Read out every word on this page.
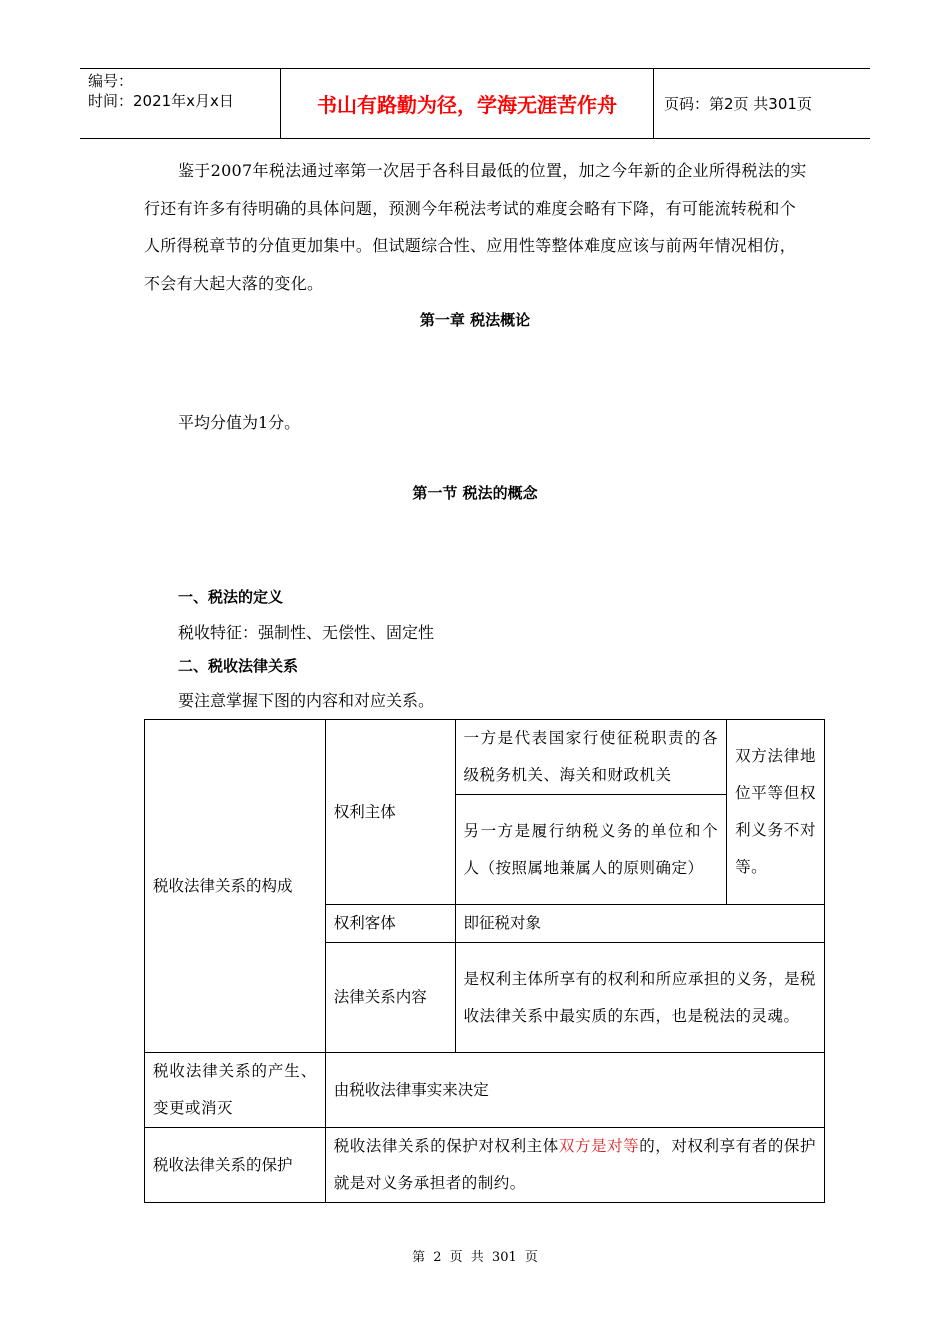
编号：
时间：2021年x月x日	书山有路勤为径，学海无涯苦作舟	页码：第2页 共301页
鉴于2007年税法通过率第一次居于各科目最低的位置，加之今年新的企业所得税法的实行还有许多有待明确的具体问题，预测今年税法考试的难度会略有下降，有可能流转税和个人所得税章节的分值更加集中。但试题综合性、应用性等整体难度应该与前两年情况相仿，不会有大起大落的变化。
第一章 税法概论
平均分值为1分。
第一节 税法的概念
一、税法的定义
税收特征：强制性、无偿性、固定性
二、税收法律关系
要注意掌握下图的内容和对应关系。
税收法律关系的构成	权利主体	一方是代表国家行使征税职责的各级税务机关、海关和财政机关	双方法律地位平等但权利义务不对等。
		另一方是履行纳税义务的单位和个人（按照属地兼属人的原则确定）	
	权利客体	即征税对象	
	法律关系内容	是权利主体所享有的权利和所应承担的义务，是税收法律关系中最实质的东西，也是税法的灵魂。	
税收法律关系的产生、变更或消灭	由税收法律事实来决定		
税收法律关系的保护	税收法律关系的保护对权利主体双方是对等的，对权利享有者的保护就是对义务承担者的制约。		
第 2 页 共 301 页
